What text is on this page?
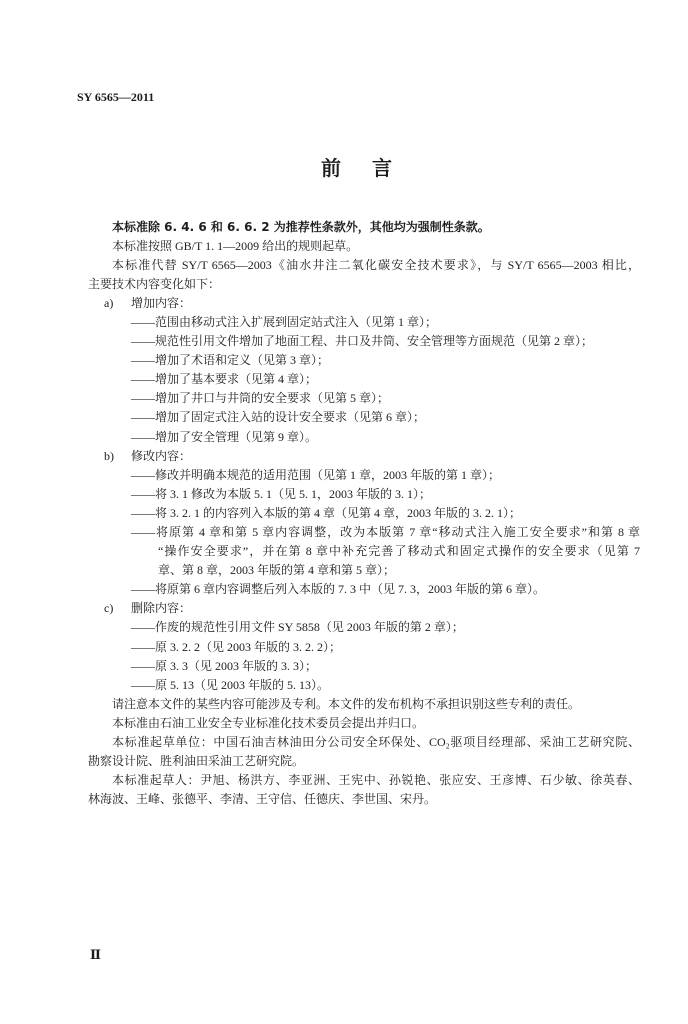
SY 6565—2011
前　　言
本标准除 6. 4. 6 和 6. 6. 2 为推荐性条款外，其他均为强制性条款。
本标准按照 GB/T 1. 1—2009 给出的规则起草。
本标准代替 SY/T 6565—2003《油水井注二氧化碳安全技术要求》，与 SY/T 6565—2003 相比，
主要技术内容变化如下：
a) 增加内容：
——范围由移动式注入扩展到固定站式注入（见第 1 章）；
——规范性引用文件增加了地面工程、井口及井筒、安全管理等方面规范（见第 2 章）；
——增加了术语和定义（见第 3 章）；
——增加了基本要求（见第 4 章）；
——增加了井口与井筒的安全要求（见第 5 章）；
——增加了固定式注入站的设计安全要求（见第 6 章）；
——增加了安全管理（见第 9 章）。
b) 修改内容：
——修改并明确本规范的适用范围（见第 1 章，2003 年版的第 1 章）；
——将 3. 1 修改为本版 5. 1（见 5. 1，2003 年版的 3. 1）；
——将 3. 2. 1 的内容列入本版的第 4 章（见第 4 章，2003 年版的 3. 2. 1）；
——将原第 4 章和第 5 章内容调整，改为本版第 7 章“移动式注入施工安全要求”和第 8 章
“操作安全要求”，并在第 8 章中补充完善了移动式和固定式操作的安全要求（见第 7
章、第 8 章，2003 年版的第 4 章和第 5 章）；
——将原第 6 章内容调整后列入本版的 7. 3 中（见 7. 3，2003 年版的第 6 章）。
c) 删除内容：
——作废的规范性引用文件 SY 5858（见 2003 年版的第 2 章）；
——原 3. 2. 2（见 2003 年版的 3. 2. 2）；
——原 3. 3（见 2003 年版的 3. 3）；
——原 5. 13（见 2003 年版的 5. 13）。
请注意本文件的某些内容可能涉及专利。本文件的发布机构不承担识别这些专利的责任。
本标准由石油工业安全专业标准化技术委员会提出并归口。
本标准起草单位：中国石油吉林油田分公司安全环保处、CO₂驱项目经理部、采油工艺研究院、
勘察设计院、胜利油田采油工艺研究院。
本标准起草人：尹旭、杨洪方、李亚洲、王宪中、孙锐艳、张应安、王彦博、石少敏、徐英春、
林海波、王峰、张德平、李清、王守信、任德庆、李世国、宋丹。
Ⅱ
